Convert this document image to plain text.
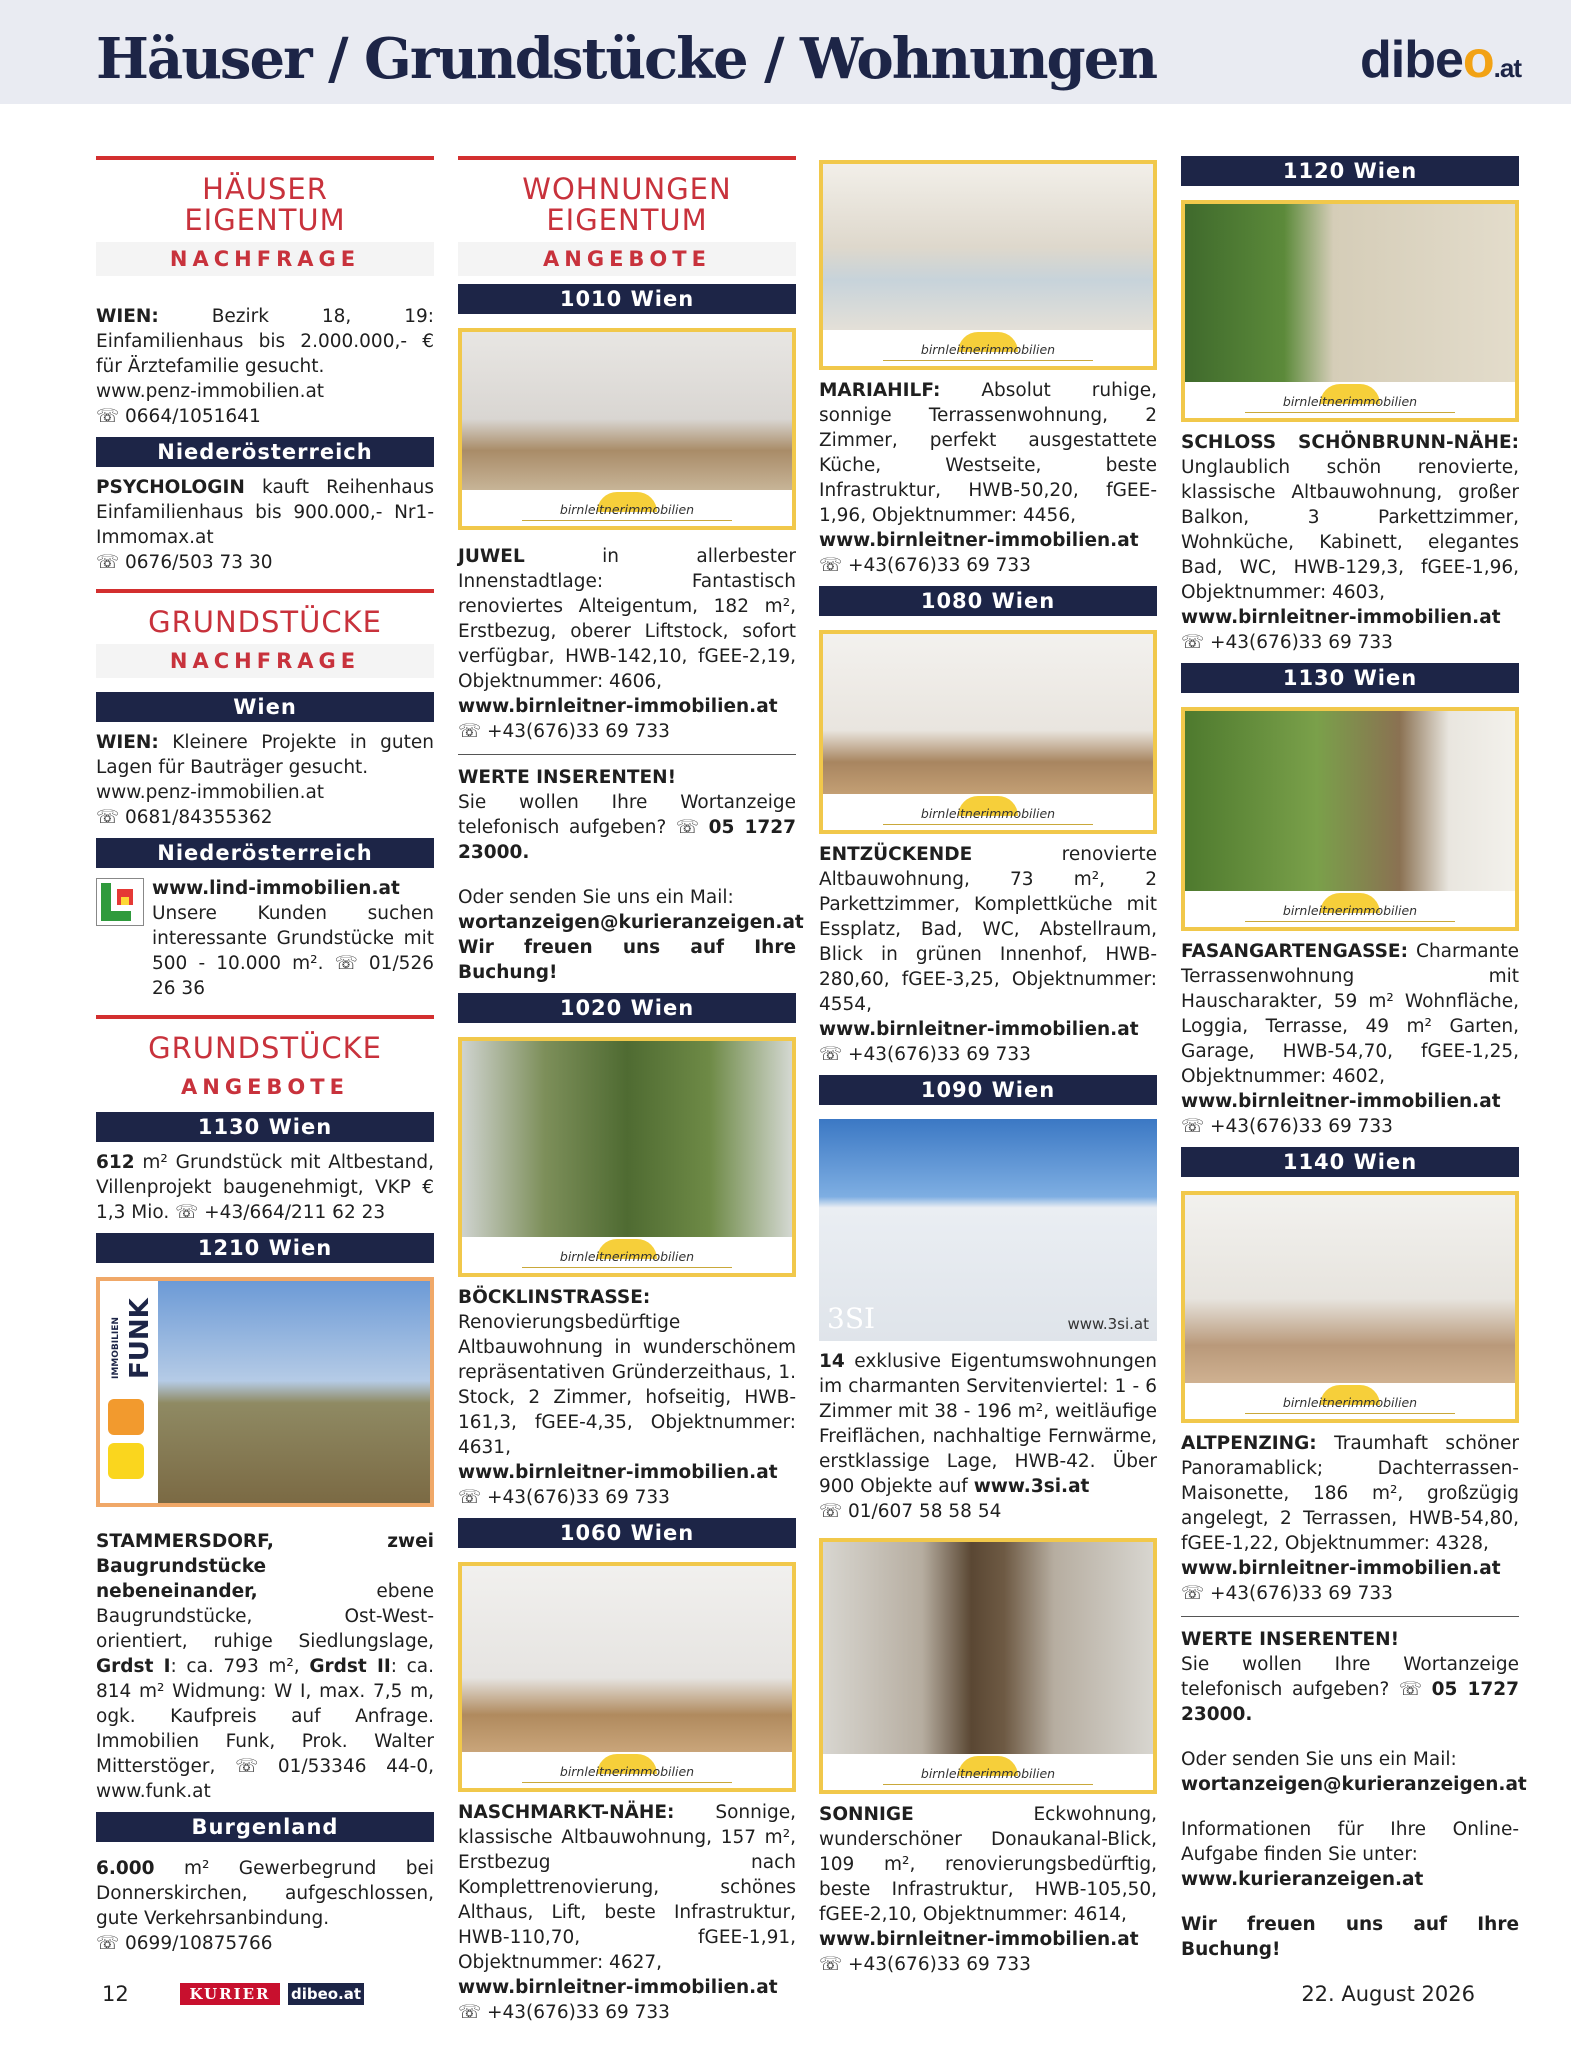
Häuser / Grundstücke / Wohnungen	dibeo.at
HÄUSER
EIGENTUM
NACHFRAGE
WIEN: Bezirk 18, 19: Einfamilienhaus bis 2.000.000,- € für Ärztefamilie gesucht.
www.penz-immobilien.at
☏ 0664/1051641
Niederösterreich
PSYCHOLOGIN kauft Reihenhaus Einfamilienhaus bis 900.000,- Nr1-Immomax.at
☏ 0676/503 73 30
GRUNDSTÜCKE
NACHFRAGE
Wien
WIEN: Kleinere Projekte in guten Lagen für Bauträger gesucht.
www.penz-immobilien.at
☏ 0681/84355362
Niederösterreich
www.lind-immobilien.at
Unsere Kunden suchen interessante Grundstücke mit 500 - 10.000 m². ☏ 01/526 26 36
GRUNDSTÜCKE
ANGEBOTE
1130 Wien
612 m² Grundstück mit Altbestand, Villenprojekt baugenehmigt, VKP € 1,3 Mio. ☏ +43/664/211 62 23
1210 Wien
IMMOBILIEN FUNK
STAMMERSDORF, zwei Baugrundstücke nebeneinander, ebene Baugrundstücke, Ost-West-orientiert, ruhige Siedlungslage, Grdst I: ca. 793 m², Grdst II: ca. 814 m² Widmung: W I, max. 7,5 m, ogk. Kaufpreis auf Anfrage. Immobilien Funk, Prok. Walter Mitterstöger, ☏ 01/53346 44-0, www.funk.at
Burgenland
6.000 m² Gewerbegrund bei Donnerskirchen, aufgeschlossen, gute Verkehrsanbindung.
☏ 0699/10875766
WOHNUNGEN
EIGENTUM
ANGEBOTE
1010 Wien
birnleitnerimmobilien
JUWEL in allerbester Innenstadtlage: Fantastisch renoviertes Alteigentum, 182 m², Erstbezug, oberer Liftstock, sofort verfügbar, HWB-142,10, fGEE-2,19, Objektnummer: 4606,
www.birnleitner-immobilien.at
☏ +43(676)33 69 733
WERTE INSERENTEN!
Sie wollen Ihre Wortanzeige telefonisch aufgeben? ☏ 05 1727 23000.
Oder senden Sie uns ein Mail:
wortanzeigen@kurieranzeigen.at
Wir freuen uns auf Ihre Buchung!
1020 Wien
birnleitnerimmobilien
BÖCKLINSTRASSE: Renovierungsbedürftige Altbauwohnung in wunderschönem repräsentativen Gründerzeithaus, 1. Stock, 2 Zimmer, hofseitig, HWB-161,3, fGEE-4,35, Objektnummer: 4631,
www.birnleitner-immobilien.at
☏ +43(676)33 69 733
1060 Wien
birnleitnerimmobilien
NASCHMARKT-NÄHE: Sonnige, klassische Altbauwohnung, 157 m², Erstbezug nach Komplettrenovierung, schönes Althaus, Lift, beste Infrastruktur, HWB-110,70, fGEE-1,91, Objektnummer: 4627,
www.birnleitner-immobilien.at
☏ +43(676)33 69 733
birnleitnerimmobilien
MARIAHILF: Absolut ruhige, sonnige Terrassenwohnung, 2 Zimmer, perfekt ausgestattete Küche, Westseite, beste Infrastruktur, HWB-50,20, fGEE-1,96, Objektnummer: 4456,
www.birnleitner-immobilien.at
☏ +43(676)33 69 733
1080 Wien
birnleitnerimmobilien
ENTZÜCKENDE renovierte Altbauwohnung, 73 m², 2 Parkettzimmer, Komplettküche mit Essplatz, Bad, WC, Abstellraum, Blick in grünen Innenhof, HWB-280,60, fGEE-3,25, Objektnummer: 4554,
www.birnleitner-immobilien.at
☏ +43(676)33 69 733
1090 Wien
3SI	www.3si.at
14 exklusive Eigentumswohnungen im charmanten Servitenviertel: 1 - 6 Zimmer mit 38 - 196 m², weitläufige Freiflächen, nachhaltige Fernwärme, erstklassige Lage, HWB-42. Über 900 Objekte auf www.3si.at
☏ 01/607 58 58 54
birnleitnerimmobilien
SONNIGE Eckwohnung, wunderschöner Donaukanal-Blick, 109 m², renovierungsbedürftig, beste Infrastruktur, HWB-105,50, fGEE-2,10, Objektnummer: 4614,
www.birnleitner-immobilien.at
☏ +43(676)33 69 733
1120 Wien
birnleitnerimmobilien
SCHLOSS SCHÖNBRUNN-NÄHE: Unglaublich schön renovierte, klassische Altbauwohnung, großer Balkon, 3 Parkettzimmer, Wohnküche, Kabinett, elegantes Bad, WC, HWB-129,3, fGEE-1,96, Objektnummer: 4603,
www.birnleitner-immobilien.at
☏ +43(676)33 69 733
1130 Wien
birnleitnerimmobilien
FASANGARTENGASSE: Charmante Terrassenwohnung mit Hauscharakter, 59 m² Wohnfläche, Loggia, Terrasse, 49 m² Garten, Garage, HWB-54,70, fGEE-1,25, Objektnummer: 4602,
www.birnleitner-immobilien.at
☏ +43(676)33 69 733
1140 Wien
birnleitnerimmobilien
ALTPENZING: Traumhaft schöner Panoramablick; Dachterrassen-Maisonette, 186 m², großzügig angelegt, 2 Terrassen, HWB-54,80, fGEE-1,22, Objektnummer: 4328,
www.birnleitner-immobilien.at
☏ +43(676)33 69 733
WERTE INSERENTEN!
Sie wollen Ihre Wortanzeige telefonisch aufgeben? ☏ 05 1727 23000.
Oder senden Sie uns ein Mail:
wortanzeigen@kurieranzeigen.at
Informationen für Ihre Online-Aufgabe finden Sie unter:
www.kurieranzeigen.at
Wir freuen uns auf Ihre Buchung!
12	KURIER	dibeo.at	22. August 2026
